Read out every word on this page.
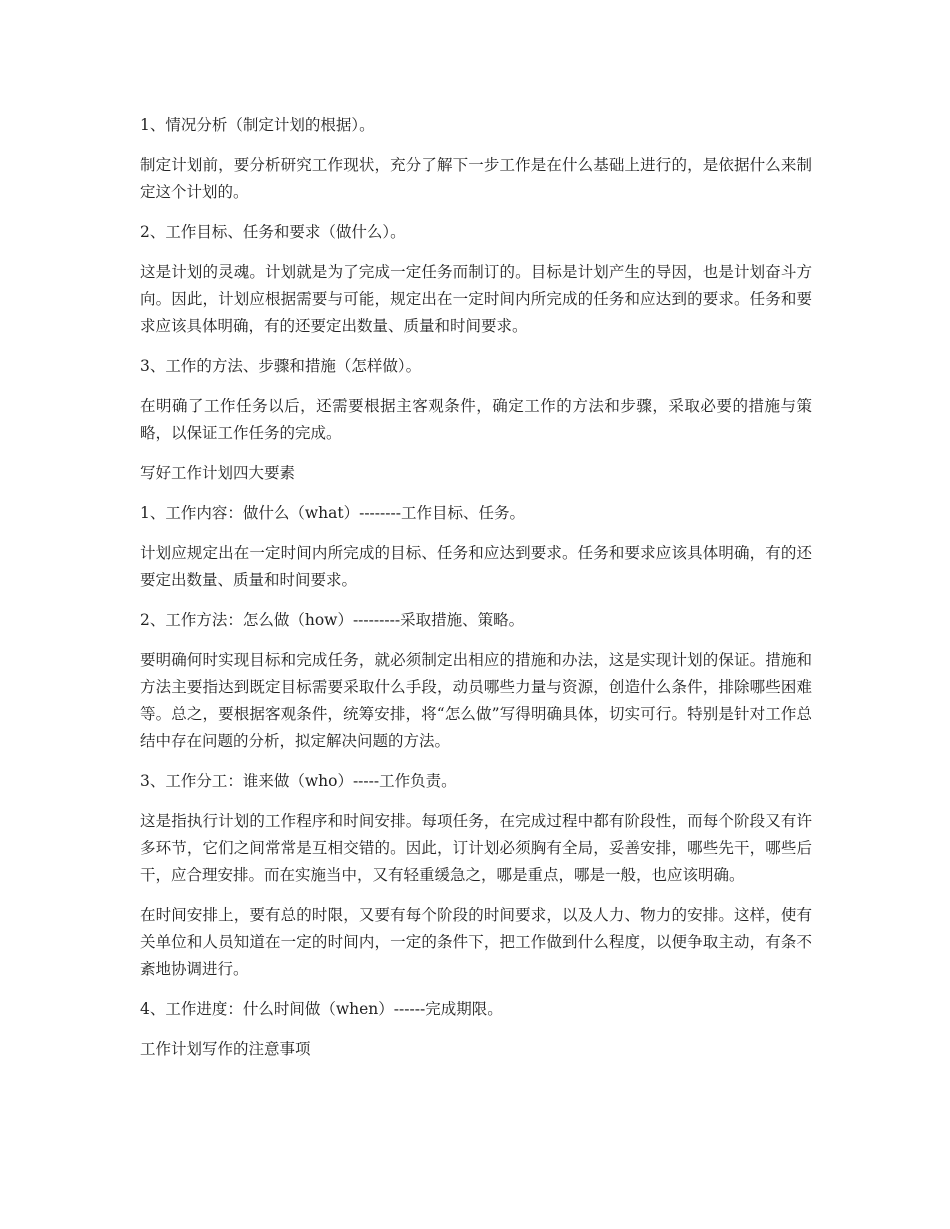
1、情况分析（制定计划的根据）。

制定计划前，要分析研究工作现状，充分了解下一步工作是在什么基础上进行的，是依据什么来制定这个计划的。

2、工作目标、任务和要求（做什么）。

这是计划的灵魂。计划就是为了完成一定任务而制订的。目标是计划产生的导因，也是计划奋斗方向。因此，计划应根据需要与可能，规定出在一定时间内所完成的任务和应达到的要求。任务和要求应该具体明确，有的还要定出数量、质量和时间要求。

3、工作的方法、步骤和措施（怎样做）。

在明确了工作任务以后，还需要根据主客观条件，确定工作的方法和步骤，采取必要的措施与策略，以保证工作任务的完成。

写好工作计划四大要素

1、工作内容：做什么（what）--------工作目标、任务。

计划应规定出在一定时间内所完成的目标、任务和应达到要求。任务和要求应该具体明确，有的还要定出数量、质量和时间要求。

2、工作方法：怎么做（how）---------采取措施、策略。

要明确何时实现目标和完成任务，就必须制定出相应的措施和办法，这是实现计划的保证。措施和方法主要指达到既定目标需要采取什么手段，动员哪些力量与资源，创造什么条件，排除哪些困难等。总之，要根据客观条件，统筹安排，将“怎么做”写得明确具体，切实可行。特别是针对工作总结中存在问题的分析，拟定解决问题的方法。

3、工作分工：谁来做（who）-----工作负责。

这是指执行计划的工作程序和时间安排。每项任务，在完成过程中都有阶段性，而每个阶段又有许多环节，它们之间常常是互相交错的。因此，订计划必须胸有全局，妥善安排，哪些先干，哪些后干，应合理安排。而在实施当中，又有轻重缓急之，哪是重点，哪是一般，也应该明确。

在时间安排上，要有总的时限，又要有每个阶段的时间要求，以及人力、物力的安排。这样，使有关单位和人员知道在一定的时间内，一定的条件下，把工作做到什么程度，以便争取主动，有条不紊地协调进行。

4、工作进度：什么时间做（when）------完成期限。

工作计划写作的注意事项
